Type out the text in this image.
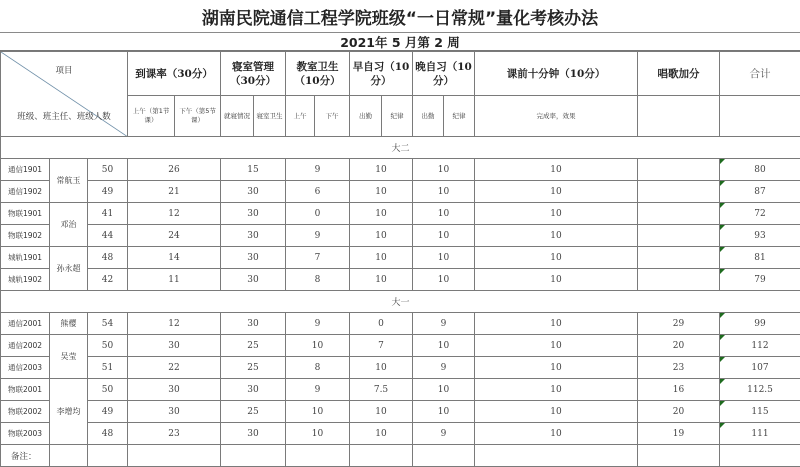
湖南民院通信工程学院班级“一日常规”量化考核办法
2021年 5 月第 2 周
项目
班级、班主任、班级人数			到课率（30分）		寝室管理（30分）		教室卫生（10分）		早自习（10分）		晚自习（10分）		课前十分钟（10分）	唱歌加分	合计	
			上午（第1节课）	下午（第5节课）	就寝情况	寝室卫生	上午	下午	出勤	纪律	出勤	纪律	完成率，效果			
大二																
通信1901	常航玉	50	26		15		9		10		10		10		80	
通信1902		49	21		30		6		10		10		10		87	
物联1901	邓治	41	12		30		0		10		10		10		72	
物联1902		44	24		30		9		10		10		10		93	
城轨1901	孙永超	48	14		30		7		10		10		10		81	
城轨1902		42	11		30		8		10		10		10		79	
大一																
通信2001	熊樱	54	12		30		9		0		9		10	29	99	
通信2002	吴莹	50	30		25		10		7		10		10	20	112	
通信2003		51	22		25		8		10		9		10	23	107	
物联2001	李增均	50	30		30		9		7.5		10		10	16	112.5	
物联2002		49	30		25		10		10		10		10	20	115	
物联2003		48	23		30		10		10		9		10	19	111	
备注：																
